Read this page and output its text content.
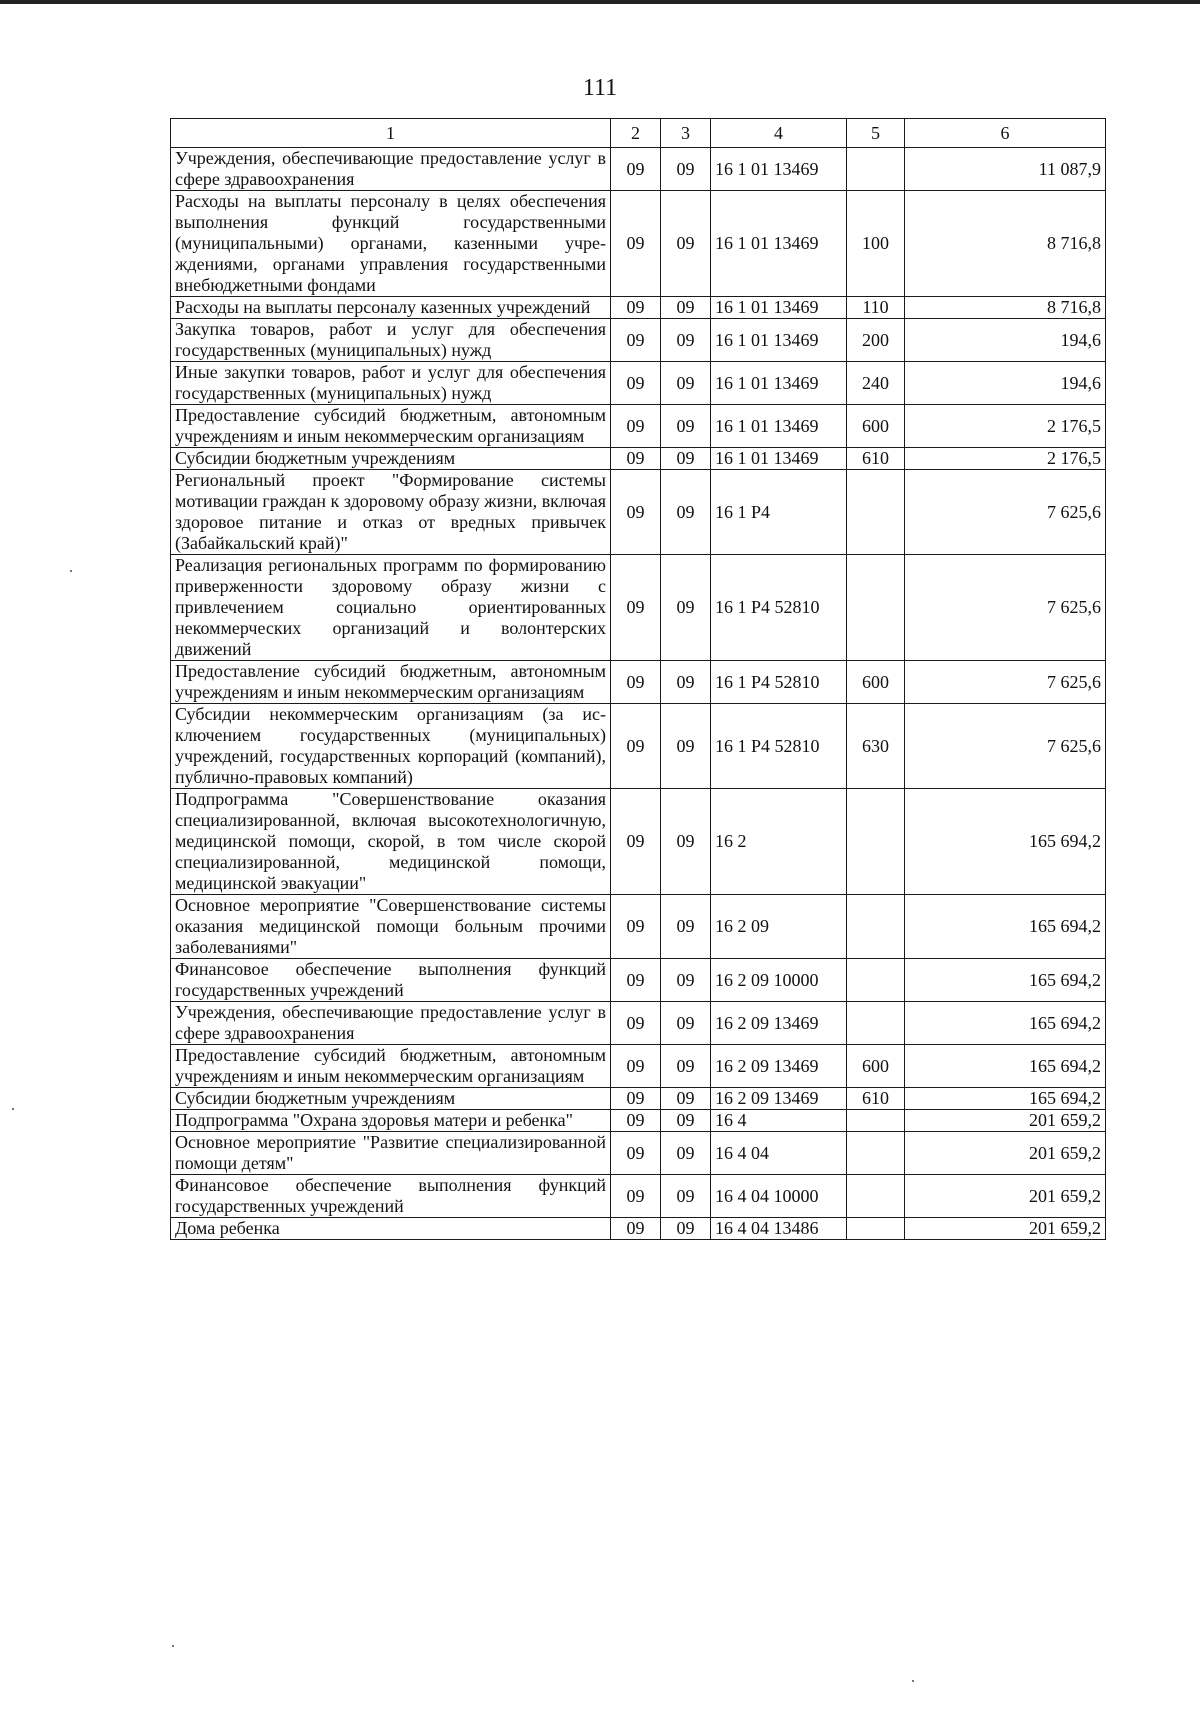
111
1	2	3	4	5	6
Учреждения, обеспечивающие предоставление услуг в сфере здравоохранения	09	09	16 1 01 13469		11 087,9
Расходы на выплаты персоналу в целях обеспечения выполнения функций государственными (муниципальными) органами, казенными учреждениями, органами управления государственными внебюджетными фондами	09	09	16 1 01 13469	100	8 716,8
Расходы на выплаты персоналу казенных учреждений	09	09	16 1 01 13469	110	8 716,8
Закупка товаров, работ и услуг для обеспечения государственных (муниципальных) нужд	09	09	16 1 01 13469	200	194,6
Иные закупки товаров, работ и услуг для обеспечения государственных (муниципальных) нужд	09	09	16 1 01 13469	240	194,6
Предоставление субсидий бюджетным, автономным учреждениям и иным некоммерческим организациям	09	09	16 1 01 13469	600	2 176,5
Субсидии бюджетным учреждениям	09	09	16 1 01 13469	610	2 176,5
Региональный проект "Формирование системы мотивации граждан к здоровому образу жизни, включая здоровое питание и отказ от вредных привычек (Забайкальский край)"	09	09	16 1 Р4		7 625,6
Реализация региональных программ по формированию приверженности здоровому образу жизни с привлечением социально ориентированных некоммерческих организаций и волонтерских движений	09	09	16 1 Р4 52810		7 625,6
Предоставление субсидий бюджетным, автономным учреждениям и иным некоммерческим организациям	09	09	16 1 Р4 52810	600	7 625,6
Субсидии некоммерческим организациям (за исключением государственных (муниципальных) учреждений, государственных корпораций (компаний), публично-правовых компаний)	09	09	16 1 Р4 52810	630	7 625,6
Подпрограмма "Совершенствование оказания специализированной, включая высокотехнологичную, медицинской помощи, скорой, в том числе скорой специализированной, медицинской помощи, медицинской эвакуации"	09	09	16 2		165 694,2
Основное мероприятие "Совершенствование системы оказания медицинской помощи больным прочими заболеваниями"	09	09	16 2 09		165 694,2
Финансовое обеспечение выполнения функций государственных учреждений	09	09	16 2 09 10000		165 694,2
Учреждения, обеспечивающие предоставление услуг в сфере здравоохранения	09	09	16 2 09 13469		165 694,2
Предоставление субсидий бюджетным, автономным учреждениям и иным некоммерческим организациям	09	09	16 2 09 13469	600	165 694,2
Субсидии бюджетным учреждениям	09	09	16 2 09 13469	610	165 694,2
Подпрограмма "Охрана здоровья матери и ребенка"	09	09	16 4		201 659,2
Основное мероприятие "Развитие специализированной помощи детям"	09	09	16 4 04		201 659,2
Финансовое обеспечение выполнения функций государственных учреждений	09	09	16 4 04 10000		201 659,2
Дома ребенка	09	09	16 4 04 13486		201 659,2
